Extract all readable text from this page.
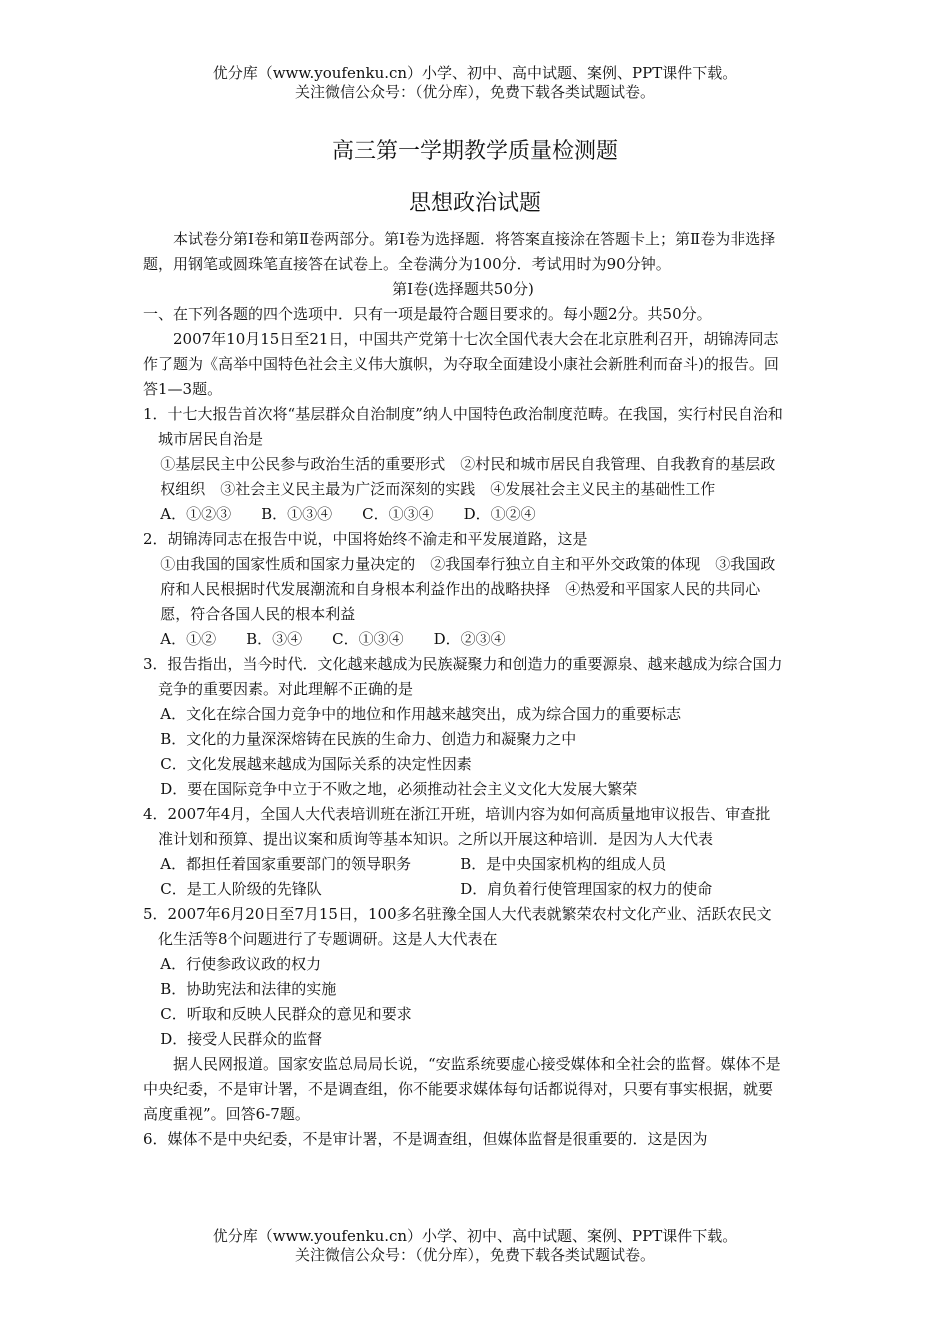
优分库（www.youfenku.cn）小学、初中、高中试题、案例、PPT课件下载。
关注微信公众号：（优分库），免费下载各类试题试卷。
高三第一学期教学质量检测题
思想政治试题

本试卷分第Ⅰ卷和第Ⅱ卷两部分。第Ⅰ卷为选择题．将答案直接涂在答题卡上；第Ⅱ卷为非选择题，用钢笔或圆珠笔直接答在试卷上。全卷满分为100分．考试用时为90分钟。

第Ⅰ卷(选择题共50分)

一、在下列各题的四个选项中．只有一项是最符合题目要求的。每小题2分。共50分。

2007年10月15日至21日，中国共产党第十七次全国代表大会在北京胜利召开，胡锦涛同志作了题为《高举中国特色社会主义伟大旗帜，为夺取全面建设小康社会新胜利而奋斗)的报告。回答1—3题。

1．十七大报告首次将“基层群众自治制度”纳人中国特色政治制度范畴。在我国，实行村民自治和城市居民自治是

①基层民主中公民参与政治生活的重要形式　②村民和城市居民自我管理、自我教育的基层政权组织　③社会主义民主最为广泛而深刻的实践　④发展社会主义民主的基础性工作

A．①②③　　B．①③④　　C．①③④　　D．①②④

2．胡锦涛同志在报告中说，中国将始终不渝走和平发展道路，这是

①由我国的国家性质和国家力量决定的　②我国奉行独立自主和平外交政策的体现　③我国政府和人民根据时代发展潮流和自身根本利益作出的战略抉择　④热爱和平国家人民的共同心愿，符合各国人民的根本利益

A．①②　　B．③④　　C．①③④　　D．②③④

3．报告指出，当今时代．文化越来越成为民族凝聚力和创造力的重要源泉、越来越成为综合国力竞争的重要因素。对此理解不正确的是

A．文化在综合国力竞争中的地位和作用越来越突出，成为综合国力的重要标志

B．文化的力量深深熔铸在民族的生命力、创造力和凝聚力之中

C．文化发展越来越成为国际关系的决定性因素

D．要在国际竞争中立于不败之地，必须推动社会主义文化大发展大繁荣

4．2007年4月，全国人大代表培训班在浙江开班，培训内容为如何高质量地审议报告、审查批准计划和预算、提出议案和质询等基本知识。之所以开展这种培训．是因为人大代表

A．都担任着国家重要部门的领导职务	B．是中央国家机构的组成人员
C．是工人阶级的先锋队	D．肩负着行使管理国家的权力的使命

5．2007年6月20日至7月15日，100多名驻豫全国人大代表就繁荣农村文化产业、活跃农民文化生活等8个问题进行了专题调研。这是人大代表在

A．行使参政议政的权力

B．协助宪法和法律的实施

C．听取和反映人民群众的意见和要求

D．接受人民群众的监督

据人民网报道。国家安监总局局长说，“安监系统要虚心接受媒体和全社会的监督。媒体不是中央纪委，不是审计署，不是调查组，你不能要求媒体每句话都说得对，只要有事实根据，就要高度重视”。回答6-7题。

6．媒体不是中央纪委，不是审计署，不是调查组，但媒体监督是很重要的．这是因为

优分库（www.youfenku.cn）小学、初中、高中试题、案例、PPT课件下载。
关注微信公众号：（优分库），免费下载各类试题试卷。
